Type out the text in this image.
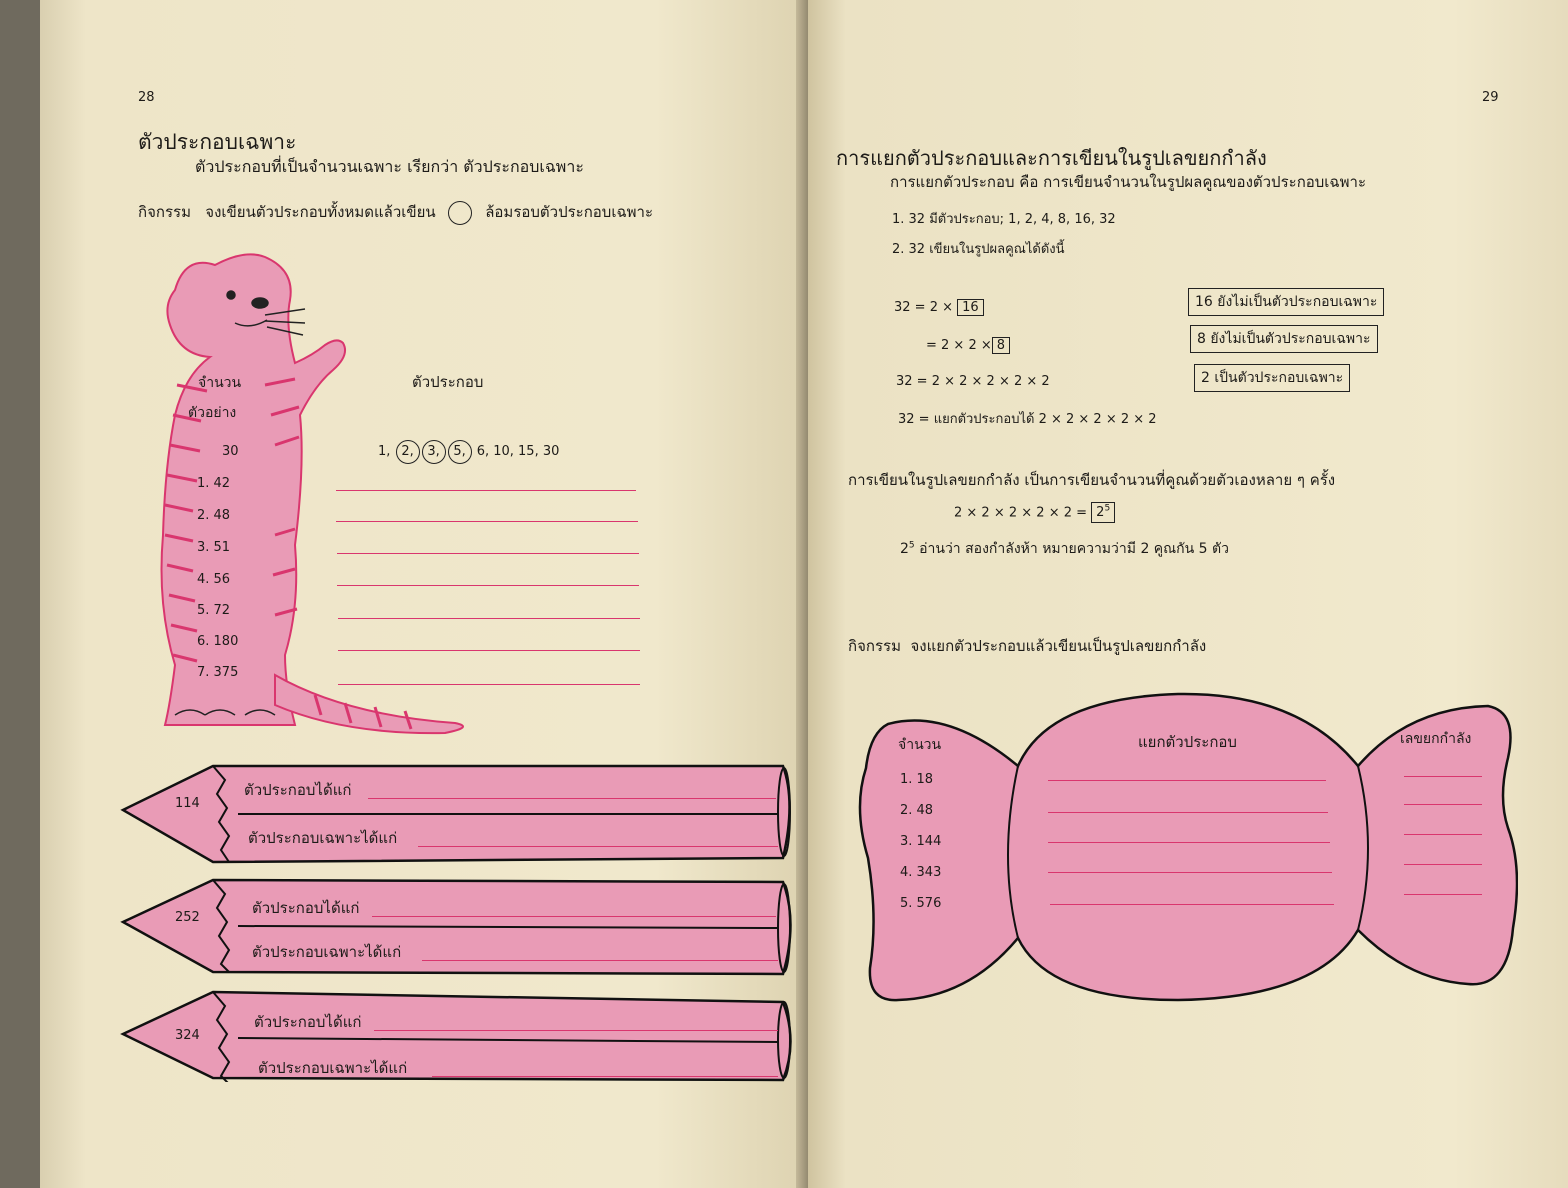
28
ตัวประกอบเฉพาะ
ตัวประกอบที่เป็นจำนวนเฉพาะ เรียกว่า ตัวประกอบเฉพาะ
กิจกรรม จงเขียนตัวประกอบทั้งหมดแล้วเขียน	ล้อมรอบตัวประกอบเฉพาะ
จำนวน
ตัวอย่าง
ตัวประกอบ
30	1, 2, 3, 5, 6, 10, 15, 30
1. 42
2. 48
3. 51
4. 56
5. 72
6. 180
7. 375
114
ตัวประกอบได้แก่
ตัวประกอบเฉพาะได้แก่
252
ตัวประกอบได้แก่
ตัวประกอบเฉพาะได้แก่
324
ตัวประกอบได้แก่
ตัวประกอบเฉพาะได้แก่
29
การแยกตัวประกอบและการเขียนในรูปเลขยกกำลัง
การแยกตัวประกอบ คือ การเขียนจำนวนในรูปผลคูณของตัวประกอบเฉพาะ
1. 32 มีตัวประกอบ; 1, 2, 4, 8, 16, 32
2. 32 เขียนในรูปผลคูณได้ดังนี้
32 = 2 × 16
= 2 × 2 × 8
32 = 2 × 2 × 2 × 2 × 2
32 = แยกตัวประกอบได้ 2 × 2 × 2 × 2 × 2
16 ยังไม่เป็นตัวประกอบเฉพาะ
8 ยังไม่เป็นตัวประกอบเฉพาะ
2 เป็นตัวประกอบเฉพาะ
การเขียนในรูปเลขยกกำลัง เป็นการเขียนจำนวนที่คูณด้วยตัวเองหลาย ๆ ครั้ง
$2 \times 2 \times 2 \times 2 \times 2 = 2^5$
$2^5$ อ่านว่า สองกำลังห้า หมายความว่ามี 2 คูณกัน 5 ตัว
กิจกรรม จงแยกตัวประกอบแล้วเขียนเป็นรูปเลขยกกำลัง
จำนวน	แยกตัวประกอบ	เลขยกกำลัง
1. 18
2. 48
3. 144
4. 343
5. 576
